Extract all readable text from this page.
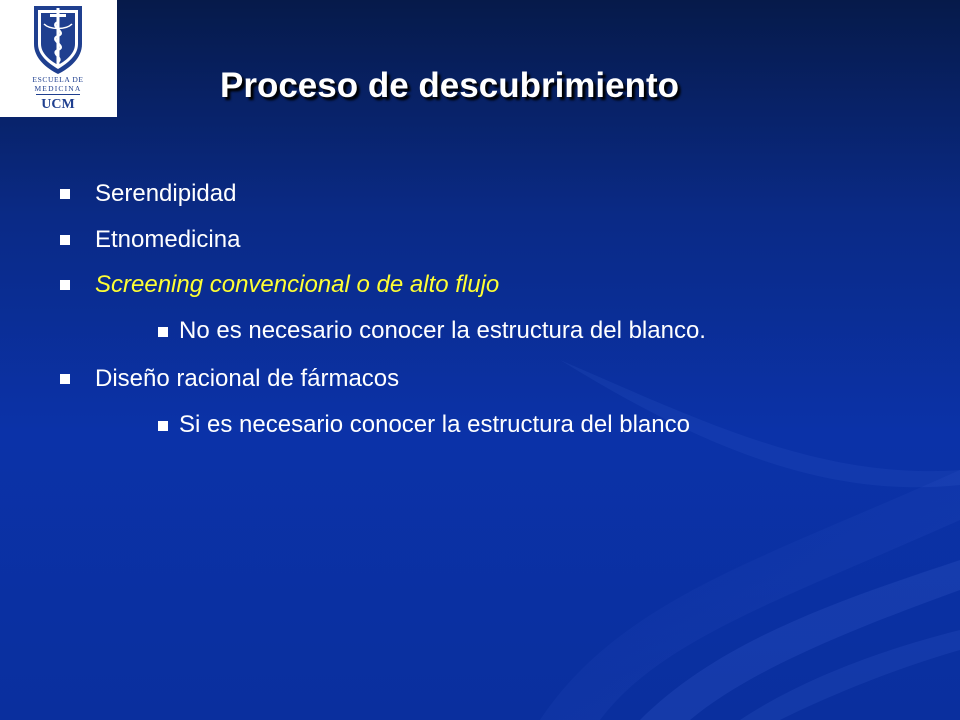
ESCUELA DE
MEDICINA
UCM	Proceso de descubrimiento
Serendipidad
Etnomedicina
Screening convencional o de alto flujo
No es necesario conocer la estructura del blanco.
Diseño racional de fármacos
Si es necesario conocer la estructura del blanco
